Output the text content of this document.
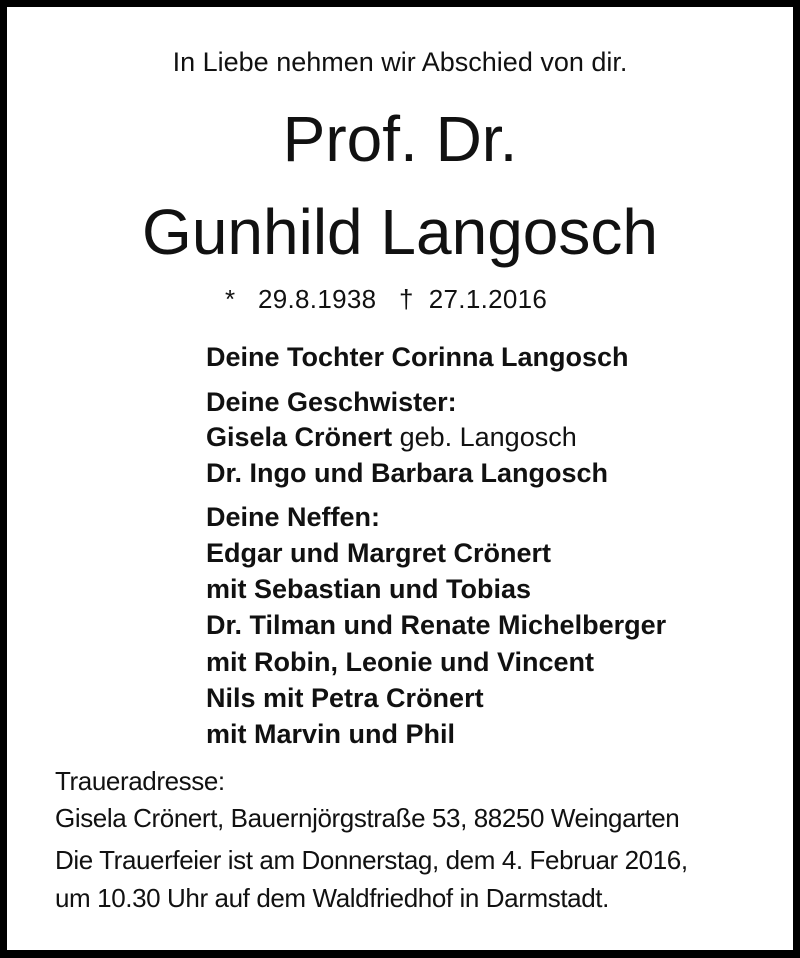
In Liebe nehmen wir Abschied von dir.
Prof. Dr.
Gunhild Langosch
* 29.8.1938 † 27.1.2016
Deine Tochter Corinna Langosch
Deine Geschwister:
Gisela Crönert geb. Langosch
Dr. Ingo und Barbara Langosch
Deine Neffen:
Edgar und Margret Crönert
mit Sebastian und Tobias
Dr. Tilman und Renate Michelberger
mit Robin, Leonie und Vincent
Nils mit Petra Crönert
mit Marvin und Phil
Traueradresse:
Gisela Crönert, Bauernjörgstraße 53, 88250 Weingarten
Die Trauerfeier ist am Donnerstag, dem 4. Februar 2016,
um 10.30 Uhr auf dem Waldfriedhof in Darmstadt.
